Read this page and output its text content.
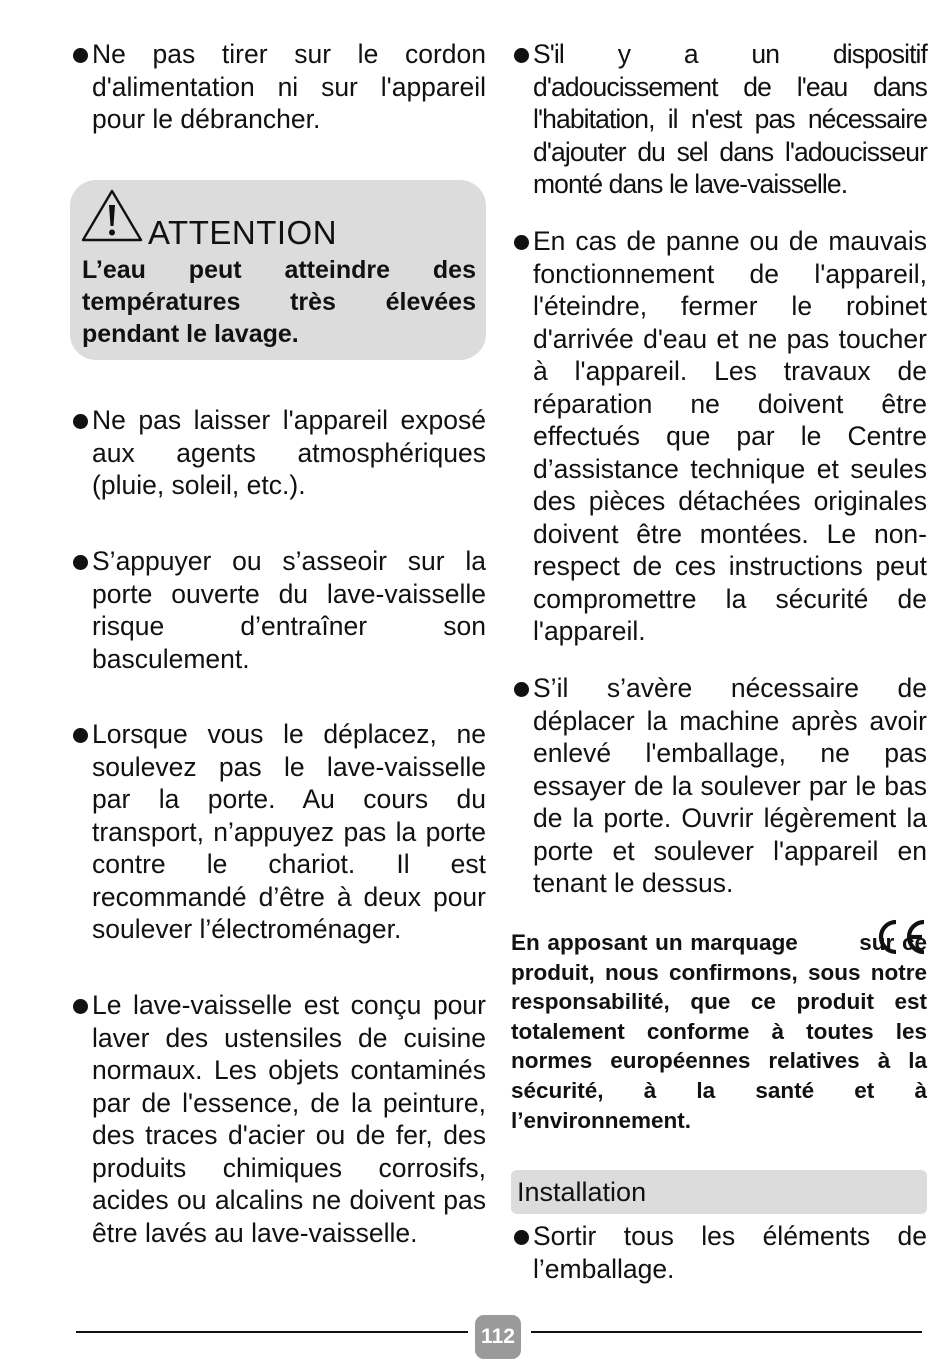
Ne pas tirer sur le cordon d'alimentation ni sur l'appareil pour le débrancher.
ATTENTION
L’eau peut atteindre des températures très élevées pendant le lavage.
Ne pas laisser l'appareil exposé aux agents atmosphériques (pluie, soleil, etc.).
S’appuyer ou s’asseoir sur la porte ouverte du lave-vaisselle risque d’entraîner son basculement.
Lorsque vous le déplacez, ne soulevez pas le lave-vaisselle par la porte. Au cours du transport, n’appuyez pas la porte contre le chariot. Il est recommandé d’être à deux pour soulever l’électroménager.
Le lave-vaisselle est conçu pour laver des ustensiles de cuisine normaux. Les objets contaminés par de l'essence, de la peinture, des traces d'acier ou de fer, des produits chimiques corrosifs, acides ou alcalins ne doivent pas être lavés au lave-vaisselle.
S'il y a un dispositif d'adoucissement de l'eau dans l'habitation, il n'est pas nécessaire d'ajouter du sel dans l'adoucisseur monté dans le lave-vaisselle.
En cas de panne ou de mauvais fonctionnement de l'appareil, l'éteindre, fermer le robinet d'arrivée d'eau et ne pas toucher à l'appareil. Les travaux de réparation ne doivent être effectués que par le Centre d’assistance technique et seules des pièces détachées originales doivent être montées. Le non-respect de ces instructions peut compromettre la sécurité de l'appareil.
S’il s’avère nécessaire de déplacer la machine après avoir enlevé l'emballage, ne pas essayer de la soulever par le bas de la porte. Ouvrir légèrement la porte et soulever l'appareil en tenant le dessus.
En apposant un marquage        sur ce produit, nous confirmons, sous notre responsabilité, que ce produit est totalement conforme à toutes les normes européennes relatives à la sécurité, à la santé et à l’environnement.
Installation
Sortir tous les éléments de l’emballage.
112
